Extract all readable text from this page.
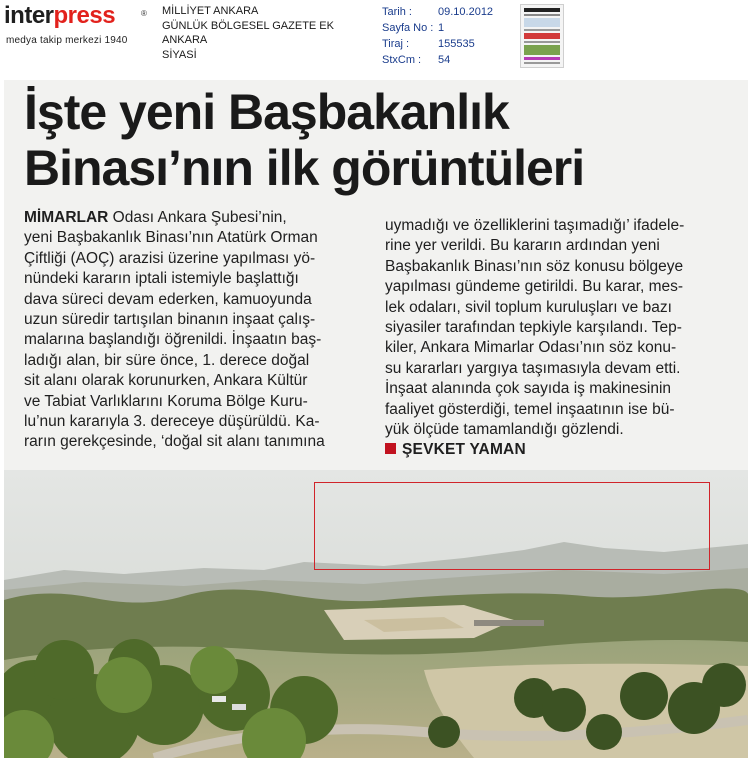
interpress	®
medya takip merkezi 1940
MİLLİYET ANKARA
GÜNLÜK BÖLGESEL GAZETE EK
ANKARA
SİYASİ
Tarih : 09.10.2012
Sayfa No : 1
Tiraj :	155535
StxCm : 54
İşte yeni Başbakanlık
Binası’nın ilk görüntüleri
MİMARLAR Odası Ankara Şubesi’nin,
yeni Başbakanlık Binası’nın Atatürk Orman
Çiftliği (AOÇ) arazisi üzerine yapılması yö-
nündeki kararın iptali istemiyle başlattığı
dava süreci devam ederken, kamuoyunda
uzun süredir tartışılan binanın inşaat çalış-
malarına başlandığı öğrenildi. İnşaatın baş-
ladığı alan, bir süre önce, 1. derece doğal
sit alanı olarak korunurken, Ankara Kültür
ve Tabiat Varlıklarını Koruma Bölge Kuru-
lu’nun kararıyla 3. dereceye düşürüldü. Ka-
rarın gerekçesinde, ‘doğal sit alanı tanımına
uymadığı ve özelliklerini taşımadığı’ ifadele-
rine yer verildi. Bu kararın ardından yeni
Başbakanlık Binası’nın söz konusu bölgeye
yapılması gündeme getirildi. Bu karar, mes-
lek odaları, sivil toplum kuruluşları ve bazı
siyasiler tarafından tepkiyle karşılandı. Tep-
kiler, Ankara Mimarlar Odası’nın söz konu-
su kararları yargıya taşımasıyla devam etti.
İnşaat alanında çok sayıda iş makinesinin
faaliyet gösterdiği, temel inşaatının ise bü-
yük ölçüde tamamlandığı gözlendi.
ŞEVKET YAMAN
